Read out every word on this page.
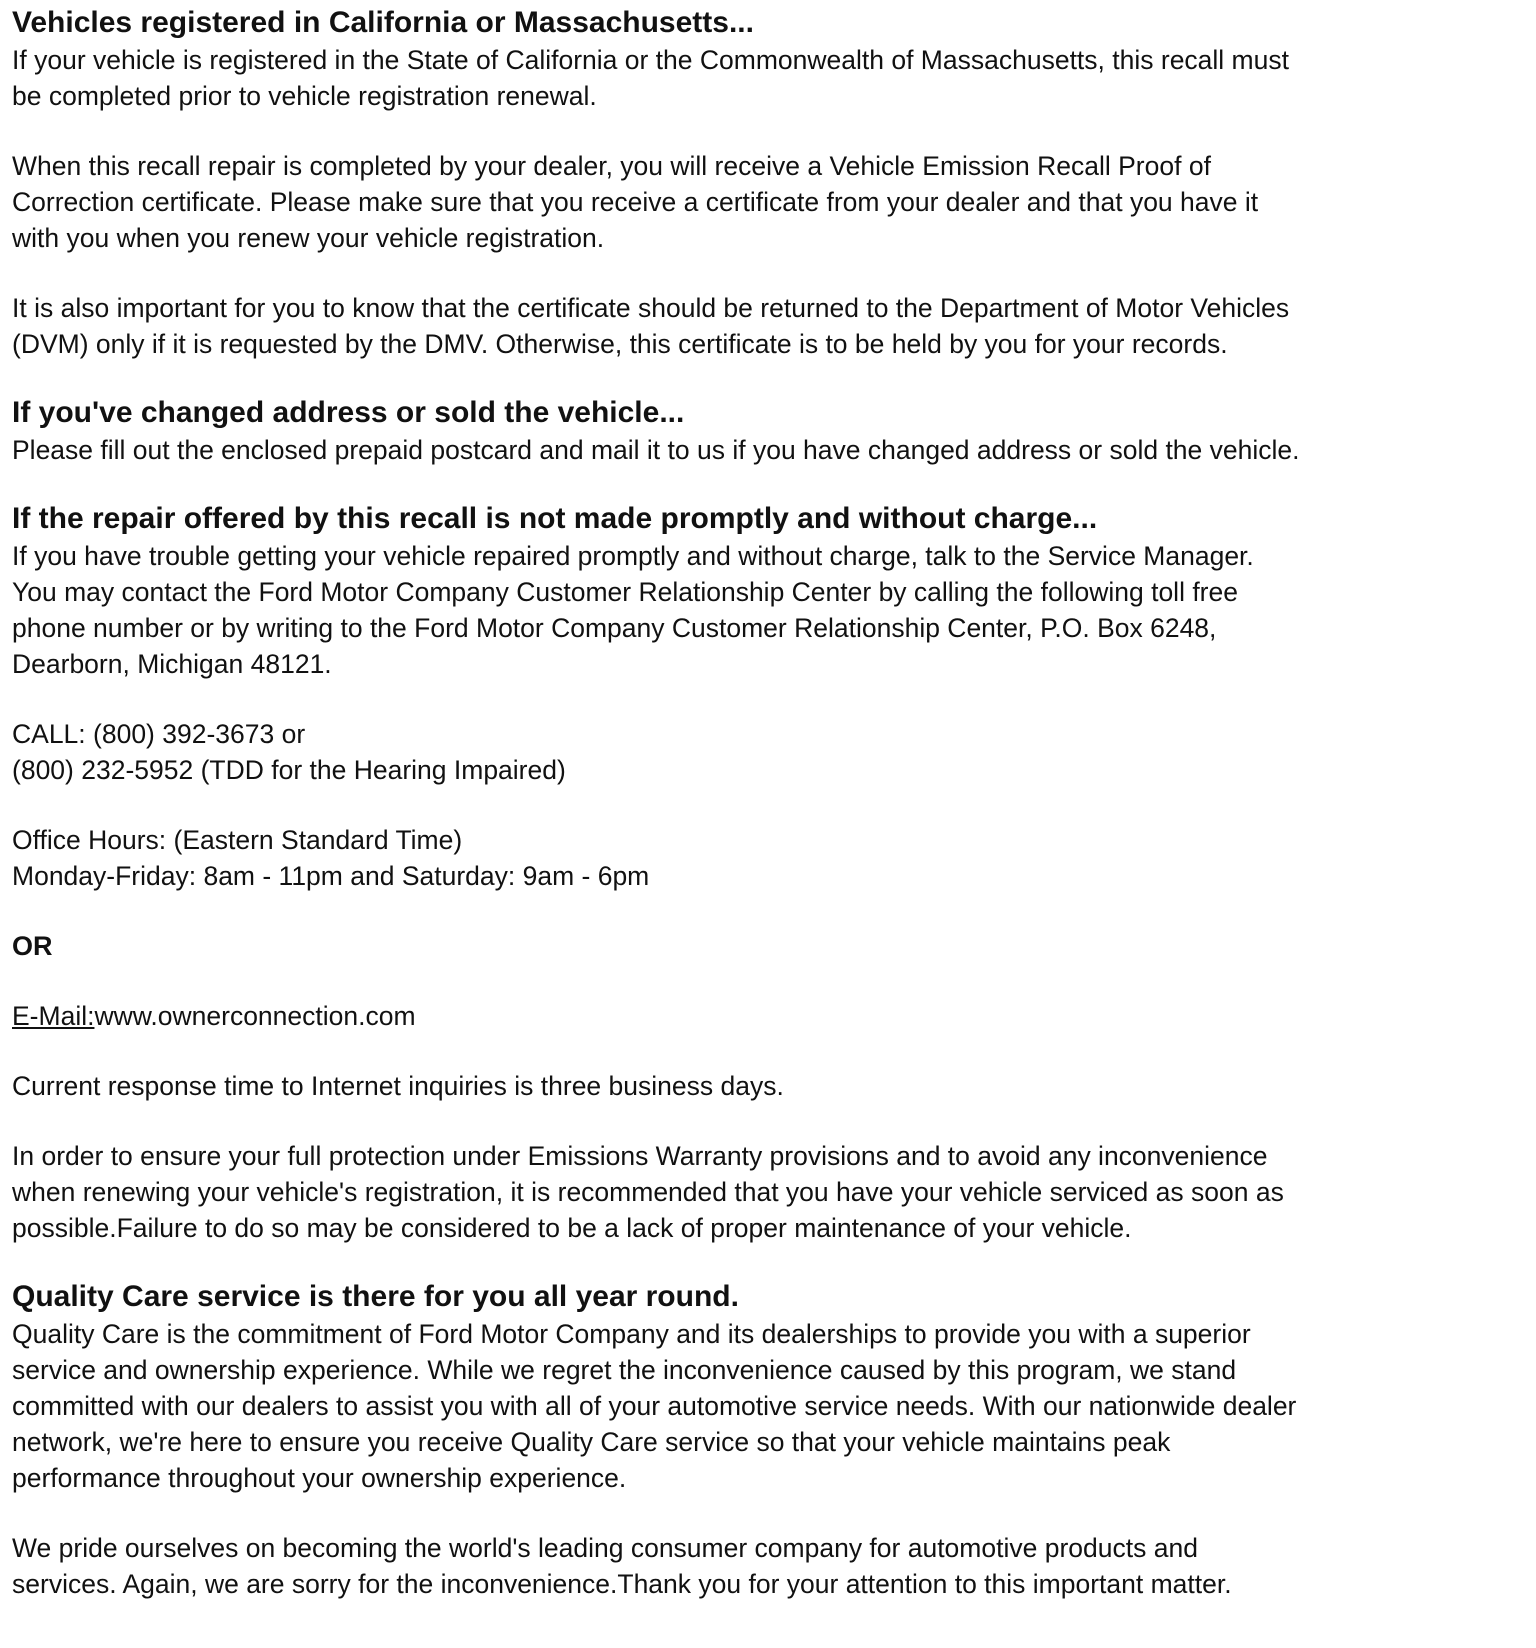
Vehicles registered in California or Massachusetts...

If your vehicle is registered in the State of California or the Commonwealth of Massachusetts, this recall must
be completed prior to vehicle registration renewal.

When this recall repair is completed by your dealer, you will receive a Vehicle Emission Recall Proof of
Correction certificate. Please make sure that you receive a certificate from your dealer and that you have it
with you when you renew your vehicle registration.

It is also important for you to know that the certificate should be returned to the Department of Motor Vehicles
(DVM) only if it is requested by the DMV. Otherwise, this certificate is to be held by you for your records.

If you've changed address or sold the vehicle...

Please fill out the enclosed prepaid postcard and mail it to us if you have changed address or sold the vehicle.

If the repair offered by this recall is not made promptly and without charge...

If you have trouble getting your vehicle repaired promptly and without charge, talk to the Service Manager.
You may contact the Ford Motor Company Customer Relationship Center by calling the following toll free
phone number or by writing to the Ford Motor Company Customer Relationship Center, P.O. Box 6248,
Dearborn, Michigan 48121.

CALL: (800) 392-3673 or
(800) 232-5952 (TDD for the Hearing Impaired)

Office Hours: (Eastern Standard Time)
Monday-Friday: 8am - 11pm and Saturday: 9am - 6pm

OR

E-Mail:www.ownerconnection.com

Current response time to Internet inquiries is three business days.

In order to ensure your full protection under Emissions Warranty provisions and to avoid any inconvenience
when renewing your vehicle's registration, it is recommended that you have your vehicle serviced as soon as
possible.Failure to do so may be considered to be a lack of proper maintenance of your vehicle.

Quality Care service is there for you all year round.

Quality Care is the commitment of Ford Motor Company and its dealerships to provide you with a superior
service and ownership experience. While we regret the inconvenience caused by this program, we stand
committed with our dealers to assist you with all of your automotive service needs. With our nationwide dealer
network, we're here to ensure you receive Quality Care service so that your vehicle maintains peak
performance throughout your ownership experience.

We pride ourselves on becoming the world's leading consumer company for automotive products and
services. Again, we are sorry for the inconvenience.Thank you for your attention to this important matter.
